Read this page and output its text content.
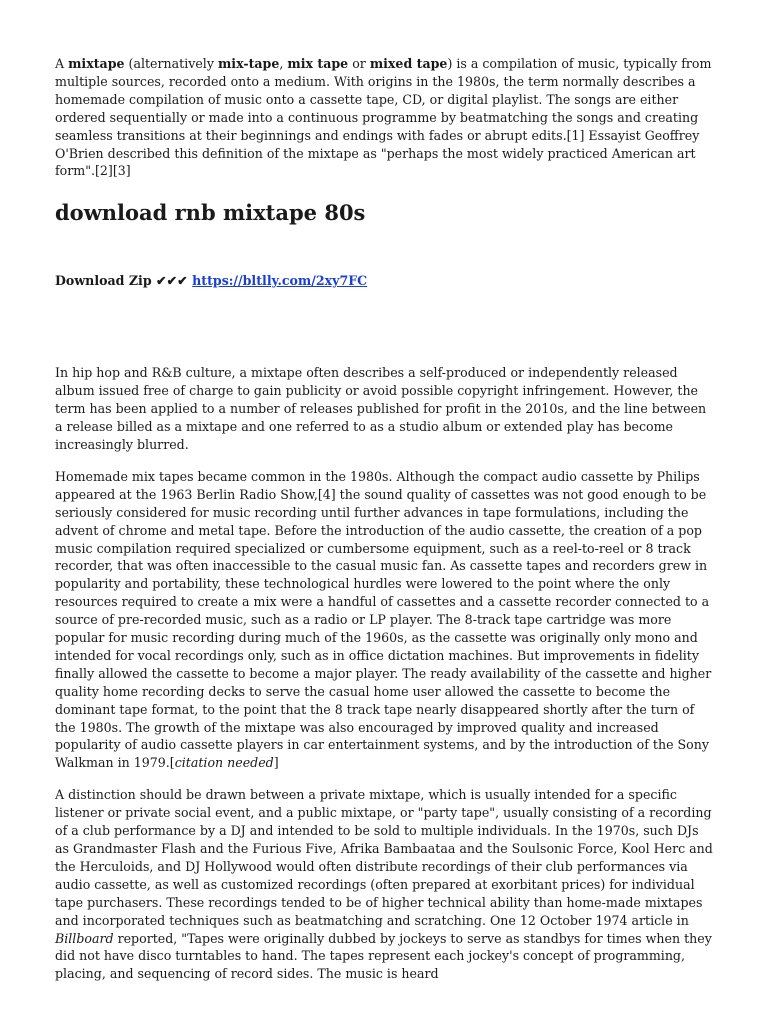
A mixtape (alternatively mix-tape, mix tape or mixed tape) is a compilation of music, typically from multiple sources, recorded onto a medium. With origins in the 1980s, the term normally describes a homemade compilation of music onto a cassette tape, CD, or digital playlist. The songs are either ordered sequentially or made into a continuous programme by beatmatching the songs and creating seamless transitions at their beginnings and endings with fades or abrupt edits.[1] Essayist Geoffrey O'Brien described this definition of the mixtape as "perhaps the most widely practiced American art form".[2][3]

download rnb mixtape 80s
Download Zip ✔✔✔ https://bltlly.com/2xy7FC

In hip hop and R&B culture, a mixtape often describes a self-produced or independently released album issued free of charge to gain publicity or avoid possible copyright infringement. However, the term has been applied to a number of releases published for profit in the 2010s, and the line between a release billed as a mixtape and one referred to as a studio album or extended play has become increasingly blurred.

Homemade mix tapes became common in the 1980s. Although the compact audio cassette by Philips appeared at the 1963 Berlin Radio Show,[4] the sound quality of cassettes was not good enough to be seriously considered for music recording until further advances in tape formulations, including the advent of chrome and metal tape. Before the introduction of the audio cassette, the creation of a pop music compilation required specialized or cumbersome equipment, such as a reel-to-reel or 8 track recorder, that was often inaccessible to the casual music fan. As cassette tapes and recorders grew in popularity and portability, these technological hurdles were lowered to the point where the only resources required to create a mix were a handful of cassettes and a cassette recorder connected to a source of pre-recorded music, such as a radio or LP player. The 8-track tape cartridge was more popular for music recording during much of the 1960s, as the cassette was originally only mono and intended for vocal recordings only, such as in office dictation machines. But improvements in fidelity finally allowed the cassette to become a major player. The ready availability of the cassette and higher quality home recording decks to serve the casual home user allowed the cassette to become the dominant tape format, to the point that the 8 track tape nearly disappeared shortly after the turn of the 1980s. The growth of the mixtape was also encouraged by improved quality and increased popularity of audio cassette players in car entertainment systems, and by the introduction of the Sony Walkman in 1979.[citation needed]

A distinction should be drawn between a private mixtape, which is usually intended for a specific listener or private social event, and a public mixtape, or "party tape", usually consisting of a recording of a club performance by a DJ and intended to be sold to multiple individuals. In the 1970s, such DJs as Grandmaster Flash and the Furious Five, Afrika Bambaataa and the Soulsonic Force, Kool Herc and the Herculoids, and DJ Hollywood would often distribute recordings of their club performances via audio cassette, as well as customized recordings (often prepared at exorbitant prices) for individual tape purchasers. These recordings tended to be of higher technical ability than home-made mixtapes and incorporated techniques such as beatmatching and scratching. One 12 October 1974 article in Billboard reported, "Tapes were originally dubbed by jockeys to serve as standbys for times when they did not have disco turntables to hand. The tapes represent each jockey's concept of programming, placing, and sequencing of record sides. The music is heard
